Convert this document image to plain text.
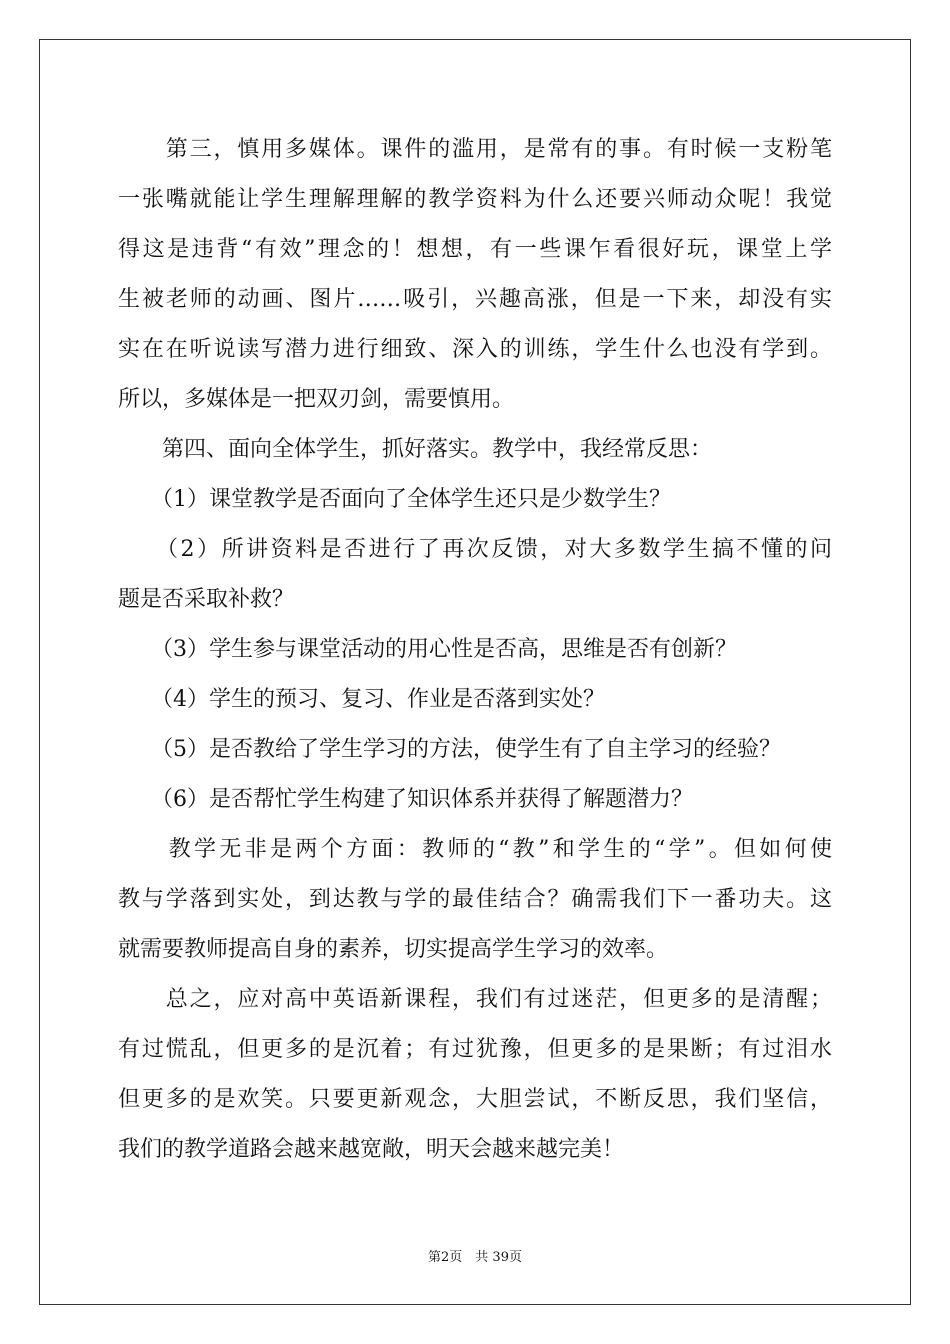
　　第三，慎用多媒体。课件的滥用，是常有的事。有时候一支粉笔
一张嘴就能让学生理解理解的教学资料为什么还要兴师动众呢！我觉
得这是违背“有效”理念的！想想，有一些课乍看很好玩，课堂上学
生被老师的动画、图片……吸引，兴趣高涨，但是一下来，却没有实
实在在听说读写潜力进行细致、深入的训练，学生什么也没有学到。
所以，多媒体是一把双刃剑，需要慎用。
　　第四、面向全体学生，抓好落实。教学中，我经常反思：
　　（1）课堂教学是否面向了全体学生还只是少数学生？
　　（2）所讲资料是否进行了再次反馈，对大多数学生搞不懂的问
题是否采取补救？
　　（3）学生参与课堂活动的用心性是否高，思维是否有创新？
　　（4）学生的预习、复习、作业是否落到实处？
　　（5）是否教给了学生学习的方法，使学生有了自主学习的经验？
　　（6）是否帮忙学生构建了知识体系并获得了解题潜力？
　　教学无非是两个方面：教师的“教”和学生的“学”。但如何使
教与学落到实处，到达教与学的最佳结合？确需我们下一番功夫。这
就需要教师提高自身的素养，切实提高学生学习的效率。
　　总之，应对高中英语新课程，我们有过迷茫，但更多的是清醒；
有过慌乱，但更多的是沉着；有过犹豫，但更多的是果断；有过泪水
但更多的是欢笑。只要更新观念，大胆尝试，不断反思，我们坚信，
我们的教学道路会越来越宽敞，明天会越来越完美！
第2页　共 39页
